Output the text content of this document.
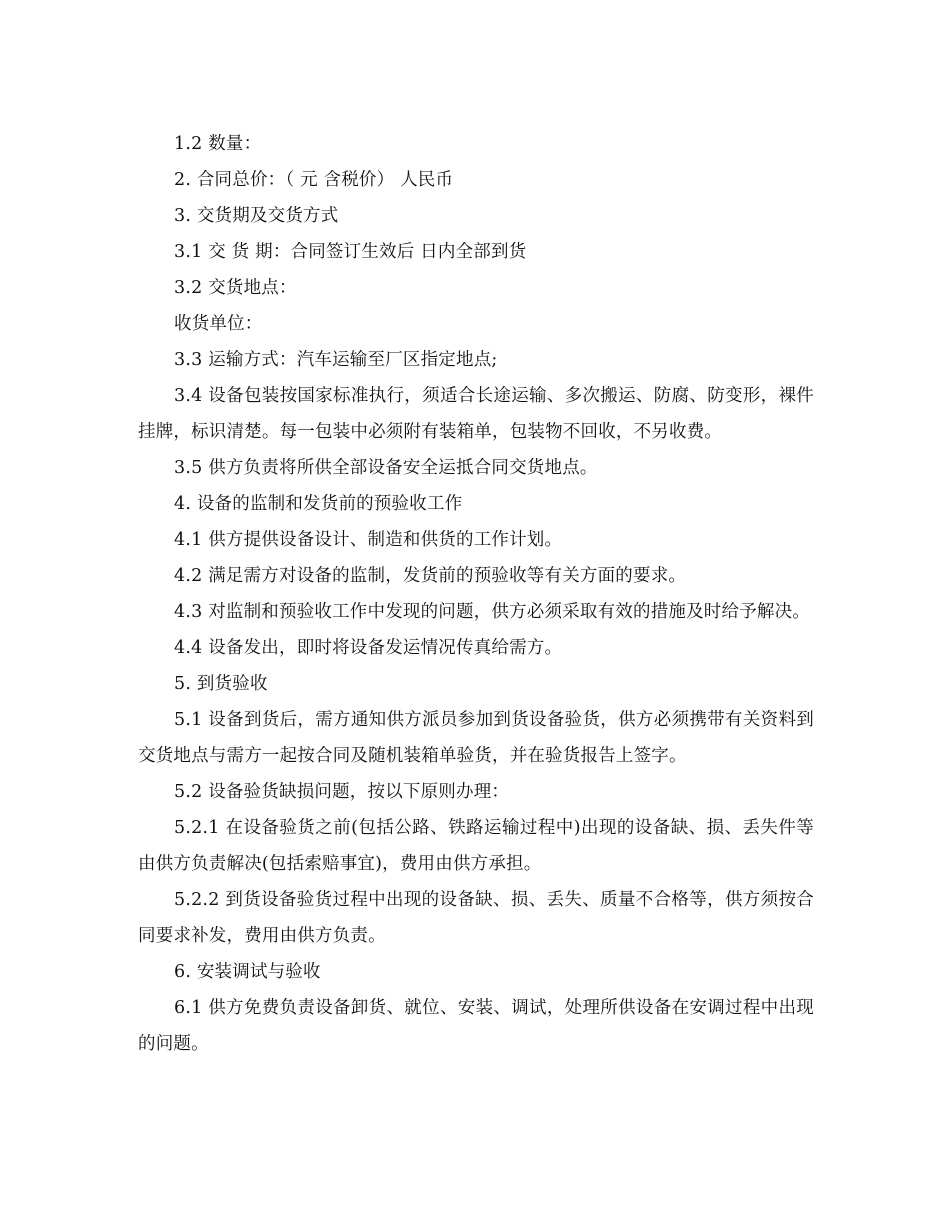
1.2 数量：

2. 合同总价：（ 元 含税价） 人民币

3. 交货期及交货方式

3.1 交 货 期：合同签订生效后 日内全部到货

3.2 交货地点：

收货单位：

3.3 运输方式：汽车运输至厂区指定地点;

3.4 设备包装按国家标准执行，须适合长途运输、多次搬运、防腐、防变形，裸件挂牌，标识清楚。每一包装中必须附有装箱单，包装物不回收，不另收费。

3.5 供方负责将所供全部设备安全运抵合同交货地点。

4. 设备的监制和发货前的预验收工作

4.1 供方提供设备设计、制造和供货的工作计划。

4.2 满足需方对设备的监制，发货前的预验收等有关方面的要求。

4.3 对监制和预验收工作中发现的问题，供方必须采取有效的措施及时给予解决。

4.4 设备发出，即时将设备发运情况传真给需方。

5. 到货验收

5.1 设备到货后，需方通知供方派员参加到货设备验货，供方必须携带有关资料到交货地点与需方一起按合同及随机装箱单验货，并在验货报告上签字。

5.2 设备验货缺损问题，按以下原则办理：

5.2.1 在设备验货之前(包括公路、铁路运输过程中)出现的设备缺、损、丢失件等由供方负责解决(包括索赔事宜)，费用由供方承担。

5.2.2 到货设备验货过程中出现的设备缺、损、丢失、质量不合格等，供方须按合同要求补发，费用由供方负责。

6. 安装调试与验收

6.1 供方免费负责设备卸货、就位、安装、调试，处理所供设备在安调过程中出现的问题。
